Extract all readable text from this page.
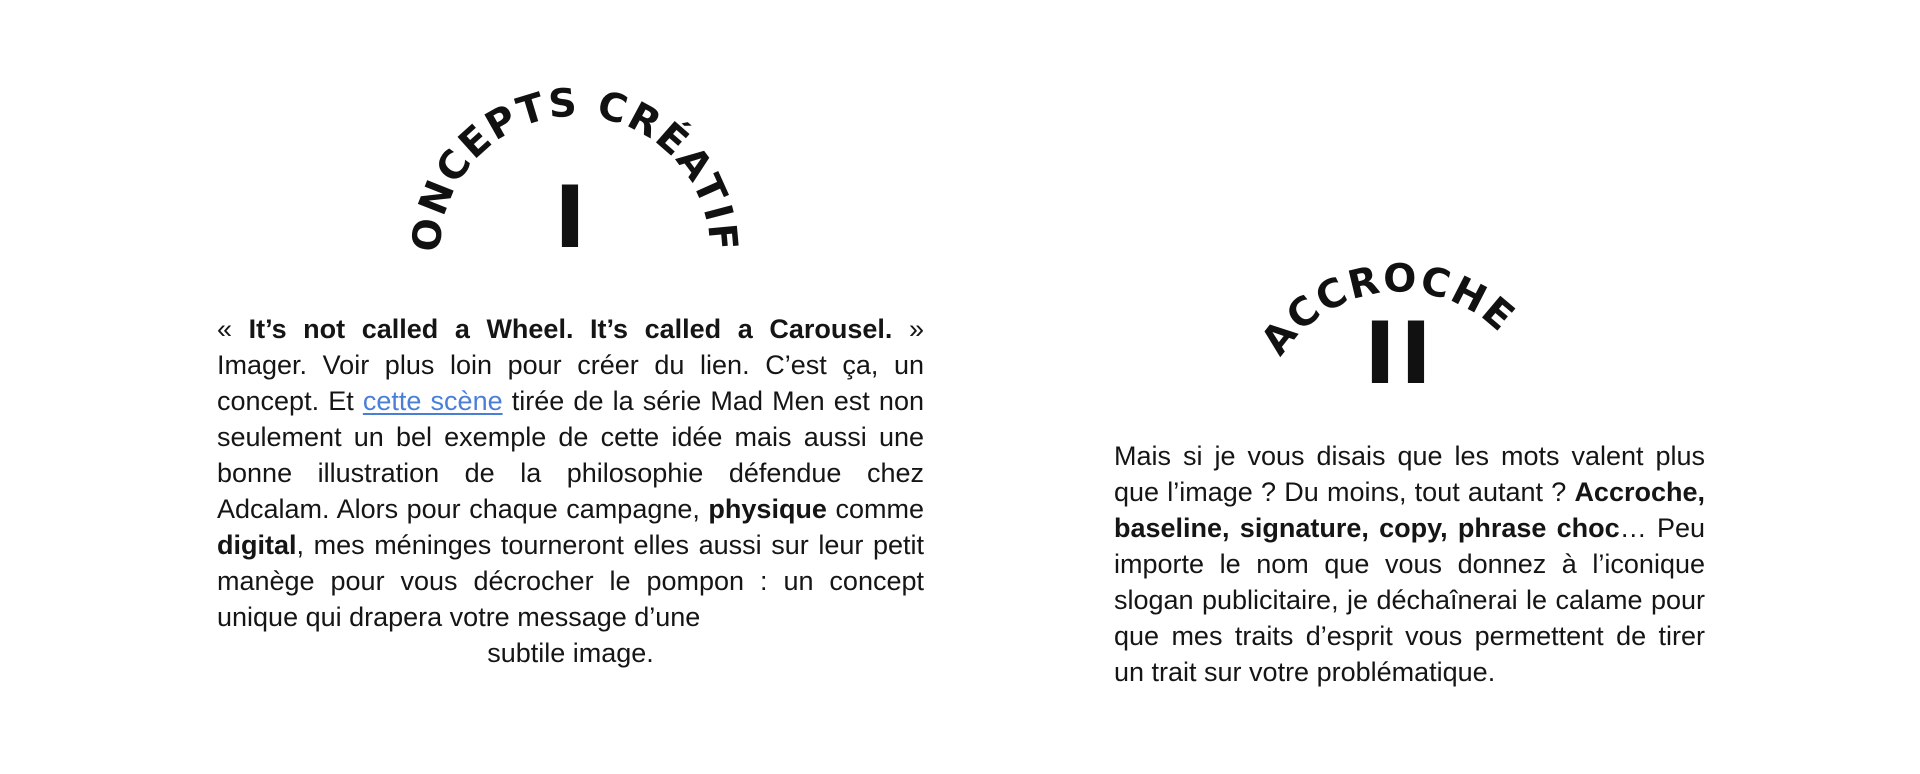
CONCEPTS CRÉATIFS
I

« It’s not called a Wheel. It’s called a Carousel. » Imager. Voir plus loin pour créer du lien. C’est ça, un concept. Et cette scène tirée de la série Mad Men est non seulement un bel exemple de cette idée mais aussi une bonne illustration de la philosophie défendue chez Adcalam. Alors pour chaque campagne, physique comme digital, mes méninges tourneront elles aussi sur leur petit manège pour vous décrocher le pompon : un concept unique qui drapera votre message d’une
subtile image.

ACCROCHES
II

Mais si je vous disais que les mots valent plus que l’image ? Du moins, tout autant ? Accroche, baseline, signature, copy, phrase choc… Peu importe le nom que vous donnez à l’iconique slogan publicitaire, je déchaînerai le calame pour que mes traits d’esprit vous permettent de tirer un trait sur votre problématique.
